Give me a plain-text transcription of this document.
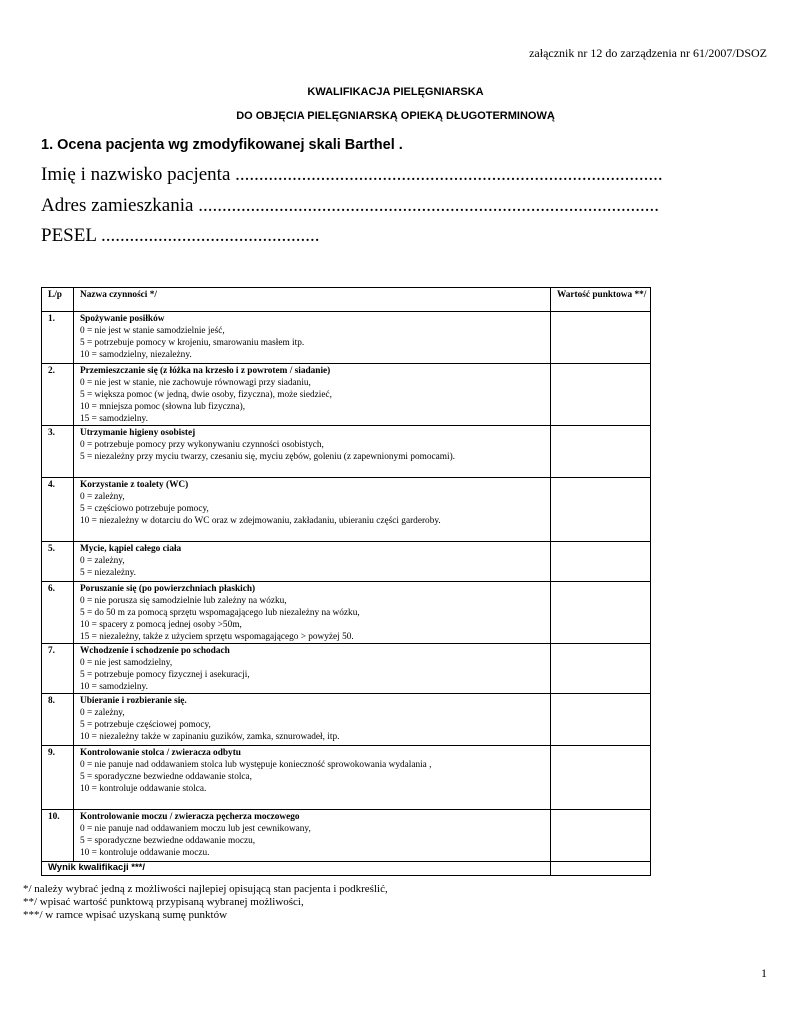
załącznik nr 12 do zarządzenia nr 61/2007/DSOZ
KWALIFIKACJA PIELĘGNIARSKA
DO OBJĘCIA PIELĘGNIARSKĄ OPIEKĄ DŁUGOTERMINOWĄ
1. Ocena pacjenta wg zmodyfikowanej skali Barthel .
Imię i nazwisko pacjenta ..........................................................................................
Adres zamieszkania .................................................................................................
PESEL ..............................................
L/p	Nazwa czynności */	Wartość punktowa **/
1.	Spożywanie posiłków
0 = nie jest w stanie samodzielnie jeść,
5 = potrzebuje pomocy w krojeniu, smarowaniu masłem itp.
10 = samodzielny, niezależny.	

2.	Przemieszczanie się (z łóżka na krzesło i z powrotem / siadanie)
0 = nie jest w stanie, nie zachowuje równowagi przy siadaniu,
5 = większa pomoc (w jedną, dwie osoby, fizyczna), może siedzieć,
10 = mniejsza pomoc (słowna lub fizyczna),
15 = samodzielny.	

3.	Utrzymanie higieny osobistej
0 = potrzebuje pomocy przy wykonywaniu czynności osobistych,
5 = niezależny przy myciu twarzy, czesaniu się, myciu zębów, goleniu (z zapewnionymi pomocami).	

4.	Korzystanie z toalety (WC)
0 = zależny,
5 = częściowo potrzebuje pomocy,
10 = niezależny w dotarciu do WC oraz w zdejmowaniu, zakładaniu, ubieraniu części garderoby.	

5.	Mycie, kąpiel całego ciała
0 = zależny,
5 = niezależny.	

6.	Poruszanie się (po powierzchniach płaskich)
0 = nie porusza się samodzielnie lub zależny na wózku,
5 = do 50 m za pomocą sprzętu wspomagającego lub niezależny na wózku,
10 = spacery z pomocą jednej osoby >50m,
15 = niezależny, także z użyciem sprzętu wspomagającego > powyżej 50.	

7.	Wchodzenie i schodzenie po schodach
0 = nie jest samodzielny,
5 = potrzebuje pomocy fizycznej i asekuracji,
10 = samodzielny.	

8.	Ubieranie i rozbieranie się.
0 = zależny,
5 = potrzebuje częściowej pomocy,
10 = niezależny także w zapinaniu guzików, zamka, sznurowadeł, itp.	

9.	Kontrolowanie stolca / zwieracza odbytu
0 = nie panuje nad oddawaniem stolca lub występuje konieczność sprowokowania wydalania ,
5 = sporadyczne bezwiedne oddawanie stolca,
10 = kontroluje oddawanie stolca.	

10.	Kontrolowanie moczu / zwieracza pęcherza moczowego
0 = nie panuje nad oddawaniem moczu lub jest cewnikowany,
5 = sporadyczne bezwiedne oddawanie moczu,
10 = kontroluje oddawanie moczu.	

Wynik kwalifikacji ***/		
*/ należy wybrać jedną z możliwości najlepiej opisującą stan pacjenta i podkreślić,
**/ wpisać wartość punktową przypisaną wybranej możliwości,
***/ w ramce wpisać uzyskaną sumę punktów
1
